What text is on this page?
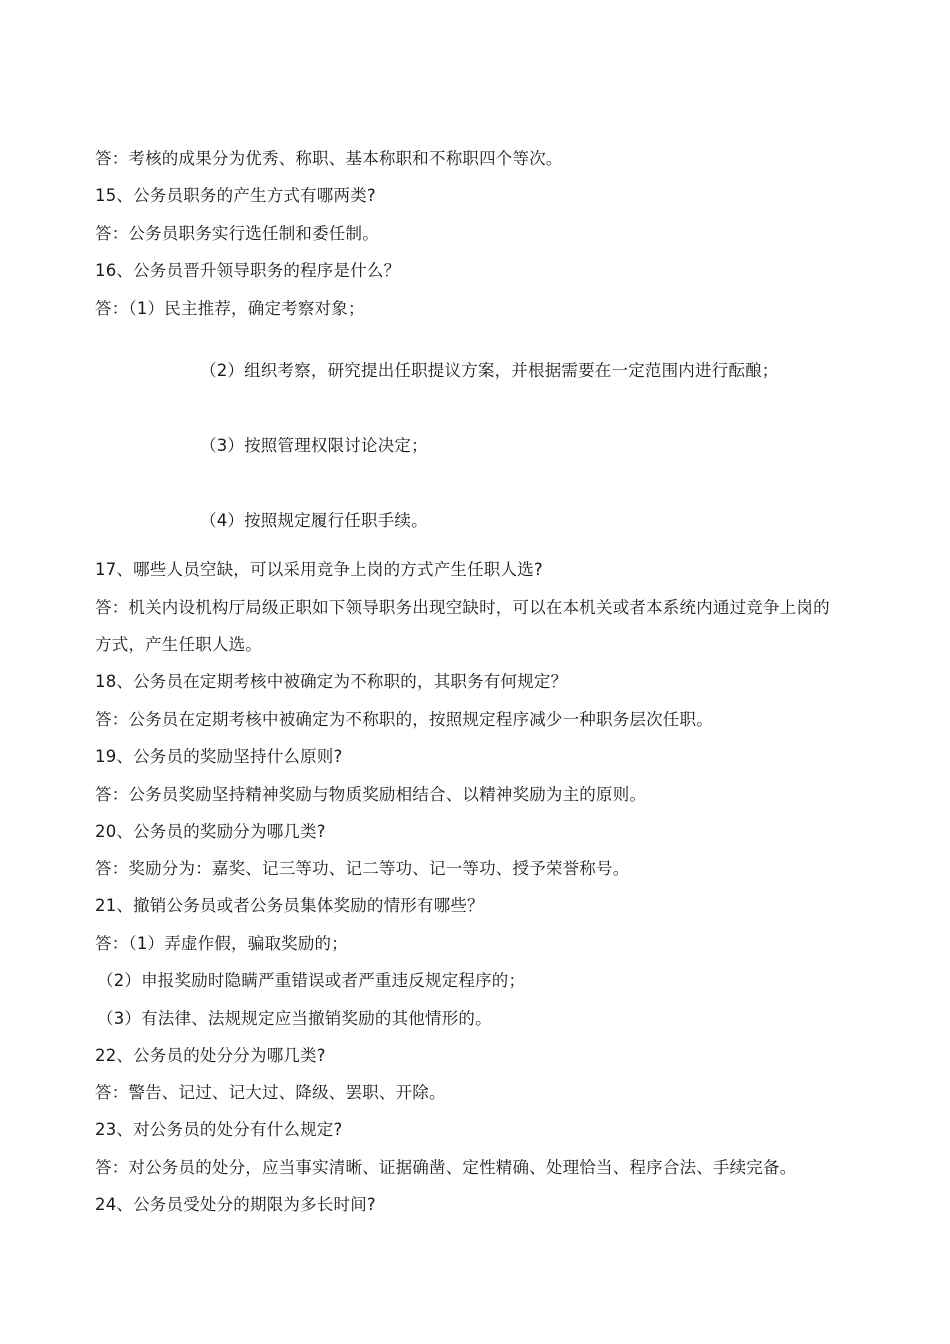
答：考核的成果分为优秀、称职、基本称职和不称职四个等次。
15、公务员职务的产生方式有哪两类?
答：公务员职务实行选任制和委任制。
16、公务员晋升领导职务的程序是什么？
答：（1）民主推荐，确定考察对象；
（2）组织考察，研究提出任职提议方案，并根据需要在一定范围内进行酝酿；
（3）按照管理权限讨论决定；
（4）按照规定履行任职手续。
17、哪些人员空缺，可以采用竞争上岗的方式产生任职人选?
答：机关内设机构厅局级正职如下领导职务出现空缺时，可以在本机关或者本系统内通过竞争上岗的
方式，产生任职人选。
18、公务员在定期考核中被确定为不称职的，其职务有何规定？
答：公务员在定期考核中被确定为不称职的，按照规定程序减少一种职务层次任职。
19、公务员的奖励坚持什么原则?
答：公务员奖励坚持精神奖励与物质奖励相结合、以精神奖励为主的原则。
20、公务员的奖励分为哪几类?
答：奖励分为：嘉奖、记三等功、记二等功、记一等功、授予荣誉称号。
21、撤销公务员或者公务员集体奖励的情形有哪些？
答：（1）弄虚作假，骗取奖励的；
（2）申报奖励时隐瞒严重错误或者严重违反规定程序的；
（3）有法律、法规规定应当撤销奖励的其他情形的。
22、公务员的处分分为哪几类?
答：警告、记过、记大过、降级、罢职、开除。
23、对公务员的处分有什么规定?
答：对公务员的处分，应当事实清晰、证据确凿、定性精确、处理恰当、程序合法、手续完备。
24、公务员受处分的期限为多长时间?
